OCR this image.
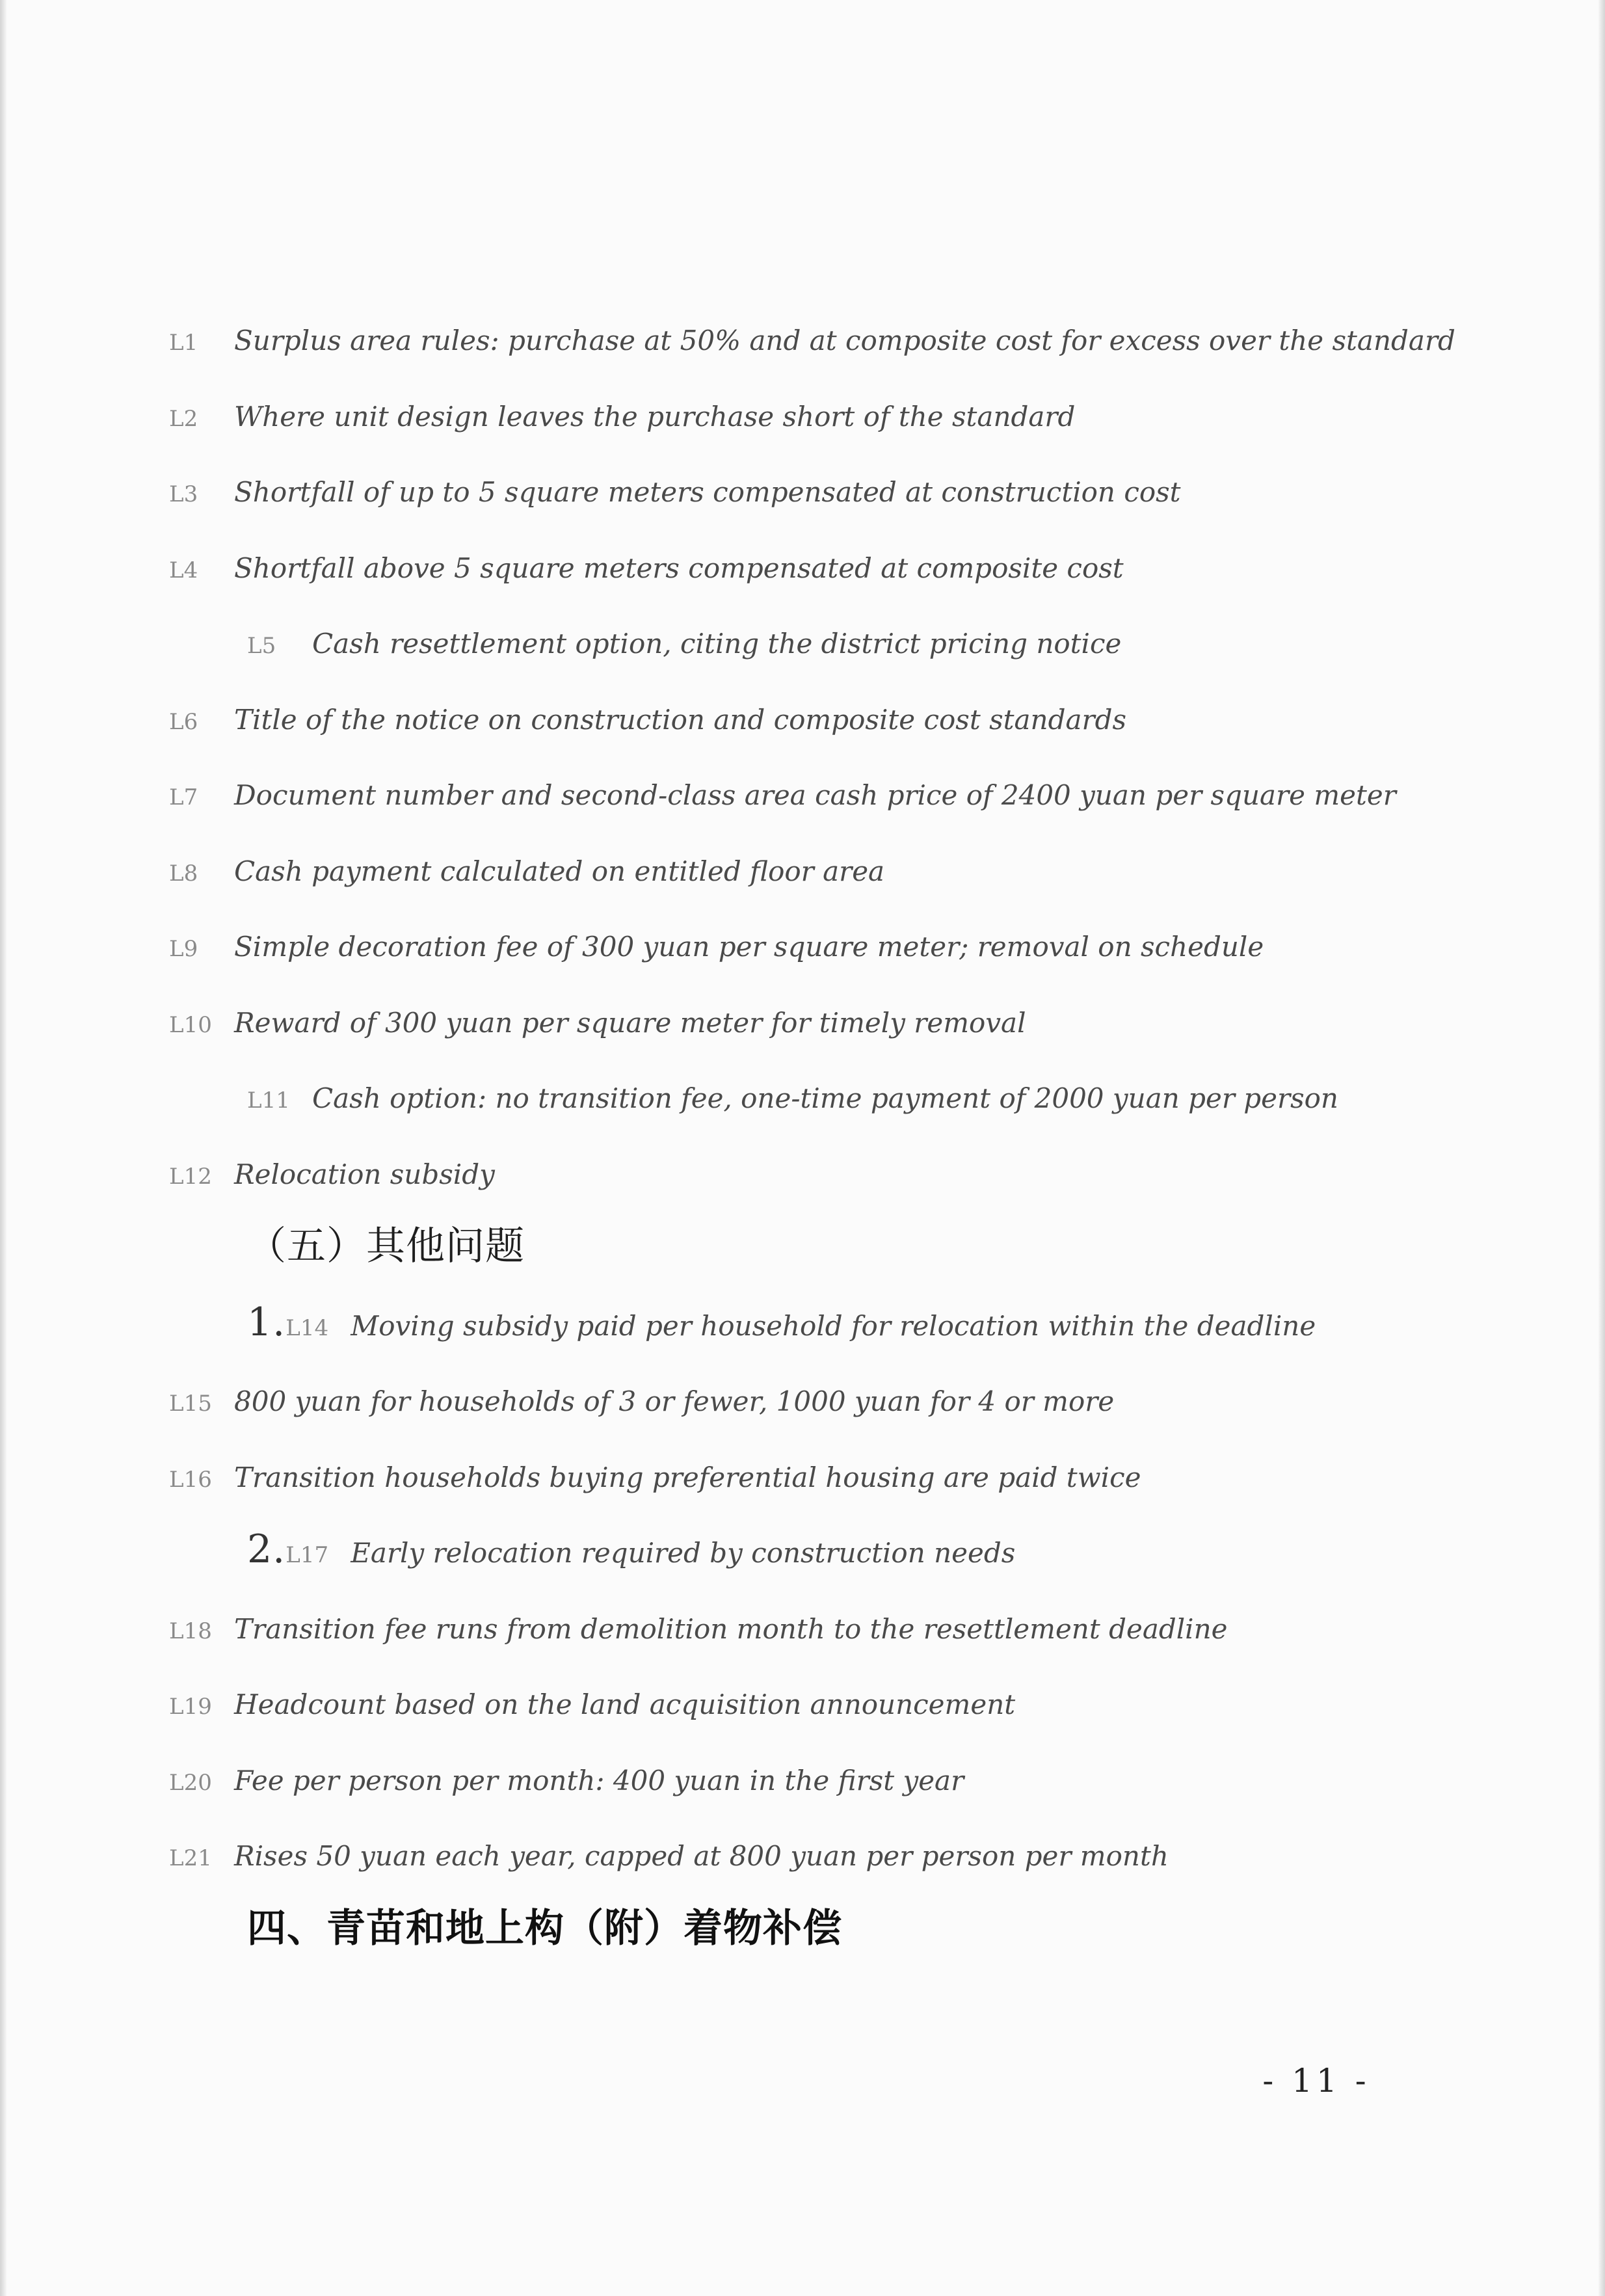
L1 Surplus area rules: purchase at 50% and at composite cost for excess over the standard
L2 Where unit design leaves the purchase short of the standard
L3 Shortfall of up to 5 square meters compensated at construction cost
L4 Shortfall above 5 square meters compensated at composite cost
L5 Cash resettlement option, citing the district pricing notice
L6 Title of the notice on construction and composite cost standards
L7 Document number and second-class area cash price of 2400 yuan per square meter
L8 Cash payment calculated on entitled floor area
L9 Simple decoration fee of 300 yuan per square meter; removal on schedule
L10 Reward of 300 yuan per square meter for timely removal
L11 Cash option: no transition fee, one-time payment of 2000 yuan per person
L12 Relocation subsidy
（五）其他问题
1.L14 Moving subsidy paid per household for relocation within the deadline
L15 800 yuan for households of 3 or fewer, 1000 yuan for 4 or more
L16 Transition households buying preferential housing are paid twice
2.L17 Early relocation required by construction needs
L18 Transition fee runs from demolition month to the resettlement deadline
L19 Headcount based on the land acquisition announcement
L20 Fee per person per month: 400 yuan in the first year
L21 Rises 50 yuan each year, capped at 800 yuan per person per month
四、青苗和地上构（附）着物补偿
- 11 -
